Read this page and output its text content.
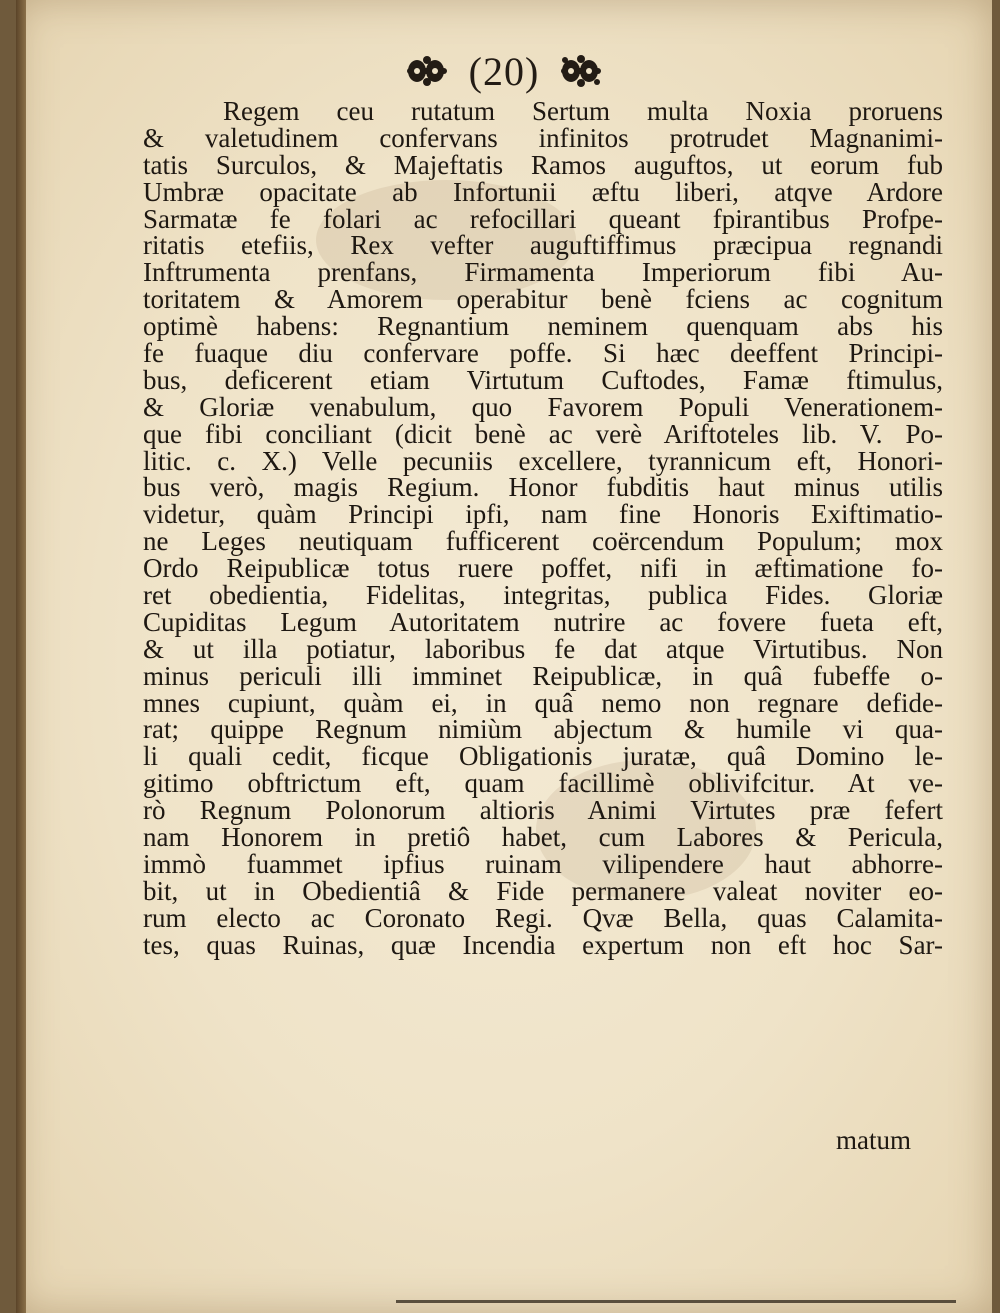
(20)
Regem ceu rutatum Sertum multa Noxia proruens
& valetudinem confervans infinitos protrudet Magnanimi-
tatis Surculos, & Majeftatis Ramos auguftos, ut eorum fub
Umbræ opacitate ab Infortunii æftu liberi, atqve Ardore
Sarmatæ fe folari ac refocillari queant fpirantibus Profpe-
ritatis etefiis, Rex vefter auguftiffimus præcipua regnandi
Inftrumenta prenfans, Firmamenta Imperiorum fibi Au-
toritatem & Amorem operabitur benè fciens ac cognitum
optimè habens: Regnantium neminem quenquam abs his
fe fuaque diu confervare poffe. Si hæc deeffent Principi-
bus, deficerent etiam Virtutum Cuftodes, Famæ ftimulus,
& Gloriæ venabulum, quo Favorem Populi Venerationem-
que fibi conciliant (dicit benè ac verè Ariftoteles lib. V. Po-
litic. c. X.) Velle pecuniis excellere, tyrannicum eft, Honori-
bus verò, magis Regium. Honor fubditis haut minus utilis
videtur, quàm Principi ipfi, nam fine Honoris Exiftimatio-
ne Leges neutiquam fufficerent coërcendum Populum; mox
Ordo Reipublicæ totus ruere poffet, nifi in æftimatione fo-
ret obedientia, Fidelitas, integritas, publica Fides. Gloriæ
Cupiditas Legum Autoritatem nutrire ac fovere fueta eft,
& ut illa potiatur, laboribus fe dat atque Virtutibus. Non
minus periculi illi imminet Reipublicæ, in quâ fubeffe o-
mnes cupiunt, quàm ei, in quâ nemo non regnare defide-
rat; quippe Regnum nimiùm abjectum & humile vi qua-
li quali cedit, ficque Obligationis juratæ, quâ Domino le-
gitimo obftrictum eft, quam facillimè oblivifcitur. At ve-
rò Regnum Polonorum altioris Animi Virtutes præ fefert
nam Honorem in pretiô habet, cum Labores & Pericula,
immò fuammet ipfius ruinam vilipendere haut abhorre-
bit, ut in Obedientiâ & Fide permanere valeat noviter eo-
rum electo ac Coronato Regi. Qvæ Bella, quas Calamita-
tes, quas Ruinas, quæ Incendia expertum non eft hoc Sar-
matum
